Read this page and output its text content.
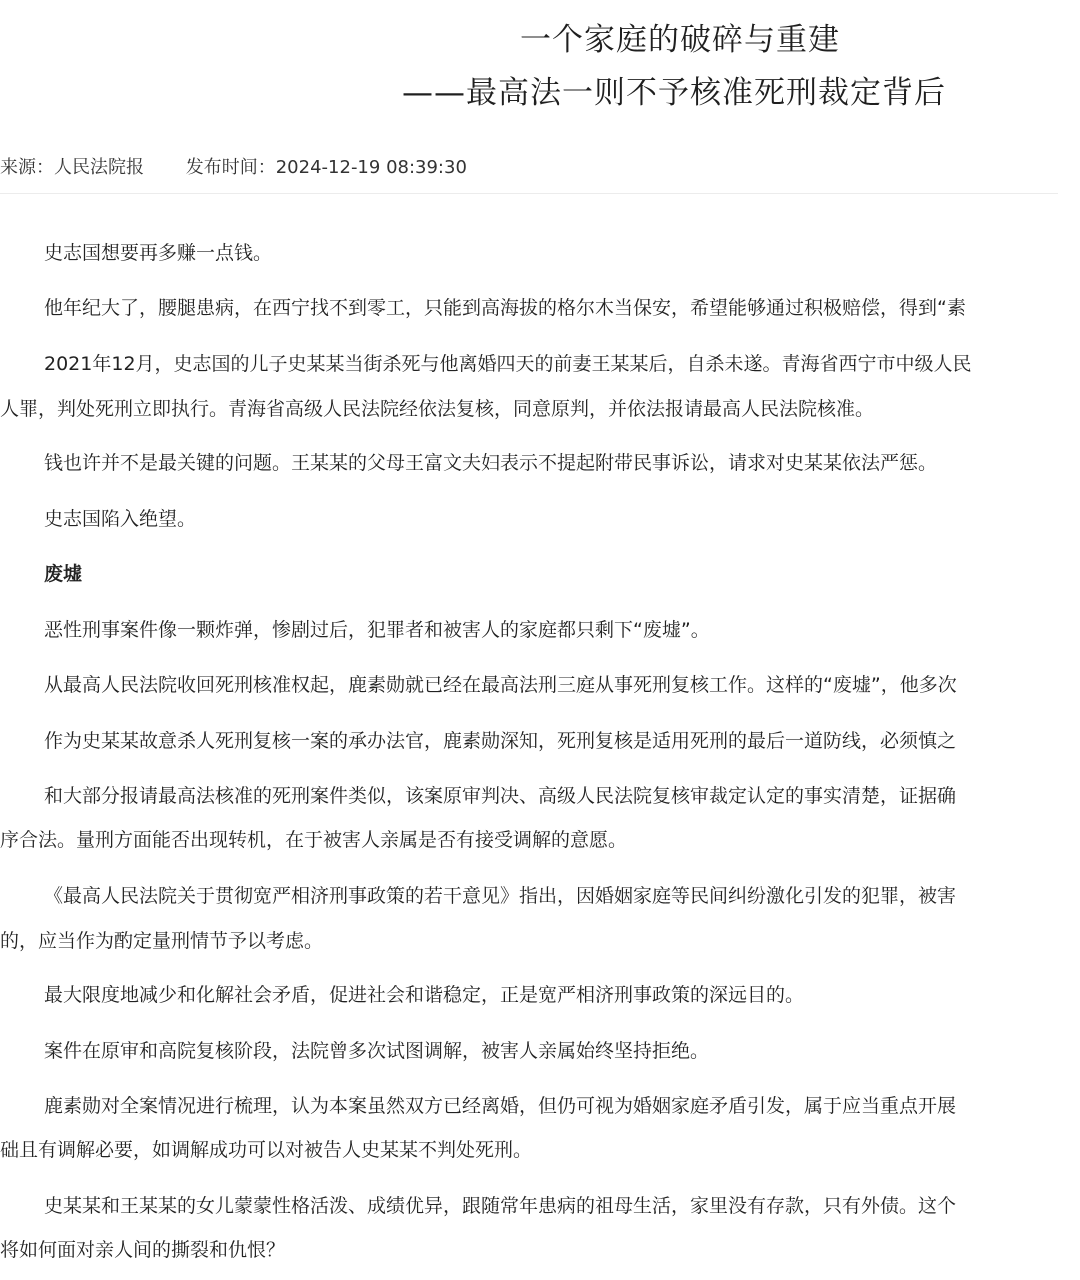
一个家庭的破碎与重建
——最高法一则不予核准死刑裁定背后
来源：人民法院报 发布时间：2024-12-19 08:39:30

史志国想要再多赚一点钱。

他年纪大了，腰腿患病，在西宁找不到零工，只能到高海拔的格尔木当保安，希望能够通过积极赔偿，得到“素

2021年12月，史志国的儿子史某某当街杀死与他离婚四天的前妻王某某后，自杀未遂。青海省西宁市中级人民

人罪，判处死刑立即执行。青海省高级人民法院经依法复核，同意原判，并依法报请最高人民法院核准。

钱也许并不是最关键的问题。王某某的父母王富文夫妇表示不提起附带民事诉讼，请求对史某某依法严惩。

史志国陷入绝望。

废墟

恶性刑事案件像一颗炸弹，惨剧过后，犯罪者和被害人的家庭都只剩下“废墟”。

从最高人民法院收回死刑核准权起，鹿素勋就已经在最高法刑三庭从事死刑复核工作。这样的“废墟”，他多次

作为史某某故意杀人死刑复核一案的承办法官，鹿素勋深知，死刑复核是适用死刑的最后一道防线，必须慎之

和大部分报请最高法核准的死刑案件类似，该案原审判决、高级人民法院复核审裁定认定的事实清楚，证据确

序合法。量刑方面能否出现转机，在于被害人亲属是否有接受调解的意愿。

《最高人民法院关于贯彻宽严相济刑事政策的若干意见》指出，因婚姻家庭等民间纠纷激化引发的犯罪，被害

的，应当作为酌定量刑情节予以考虑。

最大限度地减少和化解社会矛盾，促进社会和谐稳定，正是宽严相济刑事政策的深远目的。

案件在原审和高院复核阶段，法院曾多次试图调解，被害人亲属始终坚持拒绝。

鹿素勋对全案情况进行梳理，认为本案虽然双方已经离婚，但仍可视为婚姻家庭矛盾引发，属于应当重点开展

础且有调解必要，如调解成功可以对被告人史某某不判处死刑。

史某某和王某某的女儿蒙蒙性格活泼、成绩优异，跟随常年患病的祖母生活，家里没有存款，只有外债。这个

将如何面对亲人间的撕裂和仇恨？
